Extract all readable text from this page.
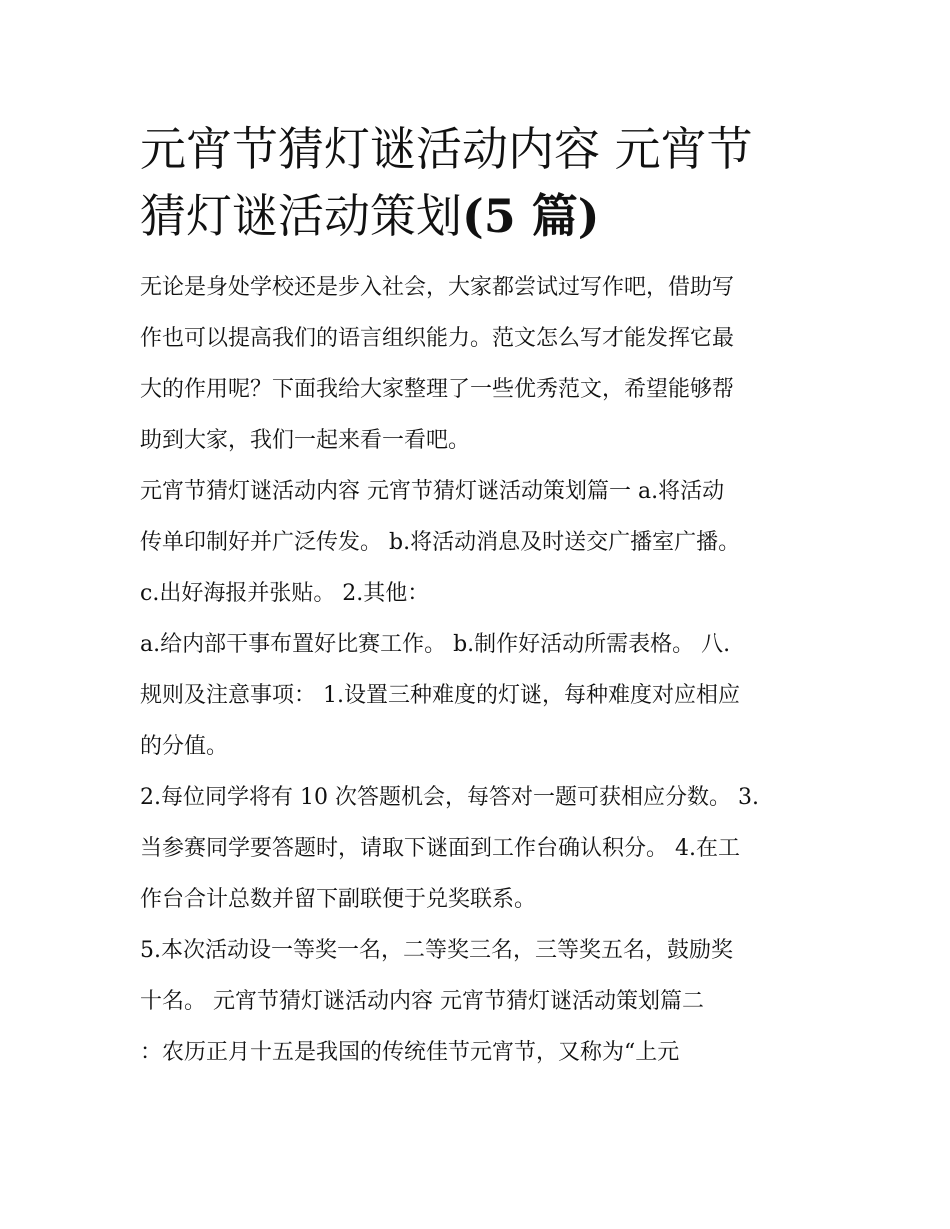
元宵节猜灯谜活动内容 元宵节
猜灯谜活动策划(5 篇)

无论是身处学校还是步入社会，大家都尝试过写作吧，借助写
作也可以提高我们的语言组织能力。范文怎么写才能发挥它最
大的作用呢？下面我给大家整理了一些优秀范文，希望能够帮
助到大家，我们一起来看一看吧。

元宵节猜灯谜活动内容 元宵节猜灯谜活动策划篇一 a.将活动
传单印制好并广泛传发。 b.将活动消息及时送交广播室广播。
c.出好海报并张贴。 2.其他：

a.给内部干事布置好比赛工作。 b.制作好活动所需表格。 八.
规则及注意事项： 1.设置三种难度的灯谜，每种难度对应相应
的分值。

2.每位同学将有 10 次答题机会，每答对一题可获相应分数。 3.
当参赛同学要答题时，请取下谜面到工作台确认积分。 4.在工
作台合计总数并留下副联便于兑奖联系。

5.本次活动设一等奖一名，二等奖三名，三等奖五名，鼓励奖
十名。 元宵节猜灯谜活动内容 元宵节猜灯谜活动策划篇二
：农历正月十五是我国的传统佳节元宵节，又称为“上元
